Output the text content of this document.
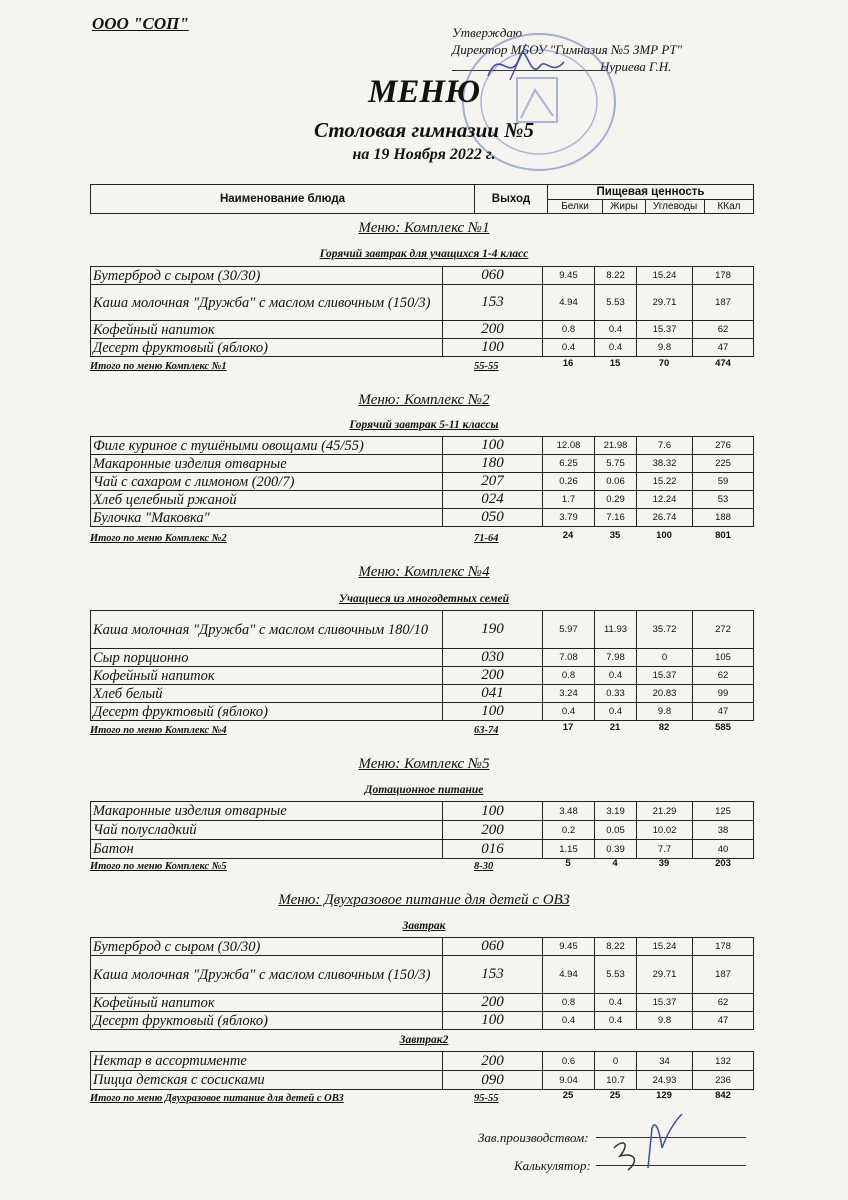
ООО "СОП"	Утверждаю
Директор МБОУ "Гимназия №5 ЗМР РТ"
Нуриева Г.Н.
МЕНЮ
Столовая гимназии №5
на 19 Ноября 2022 г.
Наименование блюда	Выход	Пищевая ценность			
		Белки	Жиры	Углеводы	ККал
Меню: Комплекс №1
Горячий завтрак для учащихся 1-4 класс
Бутерброд с сыром (30/30)	060	9.45	8.22	15.24	178
Каша молочная "Дружба" с маслом сливочным (150/3)	153	4.94	5.53	29.71	187
Кофейный напиток	200	0.8	0.4	15.37	62
Десерт фруктовый (яблоко)	100	0.4	0.4	9.8	47
Итого по меню Комплекс №1	55-55	16	15	70	474
Меню: Комплекс №2
Горячий завтрак 5-11 классы
Филе куриное с тушёными овощами (45/55)	100	12.08	21.98	7.6	276
Макаронные изделия отварные	180	6.25	5.75	38.32	225
Чай с сахаром с лимоном (200/7)	207	0.26	0.06	15.22	59
Хлеб целебный ржаной	024	1.7	0.29	12.24	53
Булочка "Маковка"	050	3.79	7.16	26.74	188
Итого по меню Комплекс №2	71-64	24	35	100	801
Меню: Комплекс №4
Учащиеся из многодетных семей
Каша молочная "Дружба" с маслом сливочным 180/10	190	5.97	11.93	35.72	272
Сыр порционно	030	7.08	7.98	0	105
Кофейный напиток	200	0.8	0.4	15.37	62
Хлеб белый	041	3.24	0.33	20.83	99
Десерт фруктовый (яблоко)	100	0.4	0.4	9.8	47
Итого по меню Комплекс №4	63-74	17	21	82	585
Меню: Комплекс №5
Дотационное питание
Макаронные изделия отварные	100	3.48	3.19	21.29	125
Чай полусладкий	200	0.2	0.05	10.02	38
Батон	016	1.15	0.39	7.7	40
Итого по меню Комплекс №5	8-30	5	4	39	203
Меню: Двухразовое питание для детей с ОВЗ
Завтрак
Бутерброд с сыром (30/30)	060	9.45	8.22	15.24	178
Каша молочная "Дружба" с маслом сливочным (150/3)	153	4.94	5.53	29.71	187
Кофейный напиток	200	0.8	0.4	15.37	62
Десерт фруктовый (яблоко)	100	0.4	0.4	9.8	47
Завтрак2
Нектар в ассортименте	200	0.6	0	34	132
Пицца детская с сосисками	090	9.04	10.7	24.93	236
Итого по меню Двухразовое питание для детей с ОВЗ	95-55	25	25	129	842
Зав.производством:
Калькулятор:
